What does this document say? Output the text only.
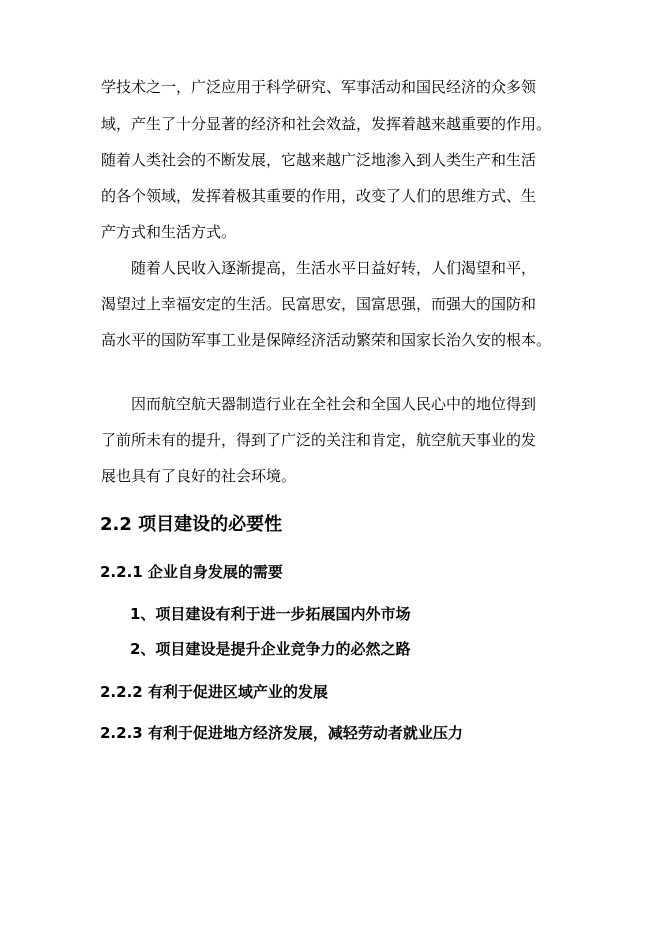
学技术之一，广泛应用于科学研究、军事活动和国民经济的众多领
域，产生了十分显著的经济和社会效益，发挥着越来越重要的作用。
随着人类社会的不断发展，它越来越广泛地渗入到人类生产和生活
的各个领域，发挥着极其重要的作用，改变了人们的思维方式、生
产方式和生活方式。
随着人民收入逐渐提高，生活水平日益好转，人们渴望和平，
渴望过上幸福安定的生活。民富思安，国富思强，而强大的国防和
高水平的国防军事工业是保障经济活动繁荣和国家长治久安的根本。
因而航空航天器制造行业在全社会和全国人民心中的地位得到
了前所未有的提升，得到了广泛的关注和肯定，航空航天事业的发
展也具有了良好的社会环境。
2.2 项目建设的必要性
2.2.1 企业自身发展的需要
1、项目建设有利于进一步拓展国内外市场
2、项目建设是提升企业竞争力的必然之路
2.2.2 有利于促进区域产业的发展
2.2.3 有利于促进地方经济发展，减轻劳动者就业压力
